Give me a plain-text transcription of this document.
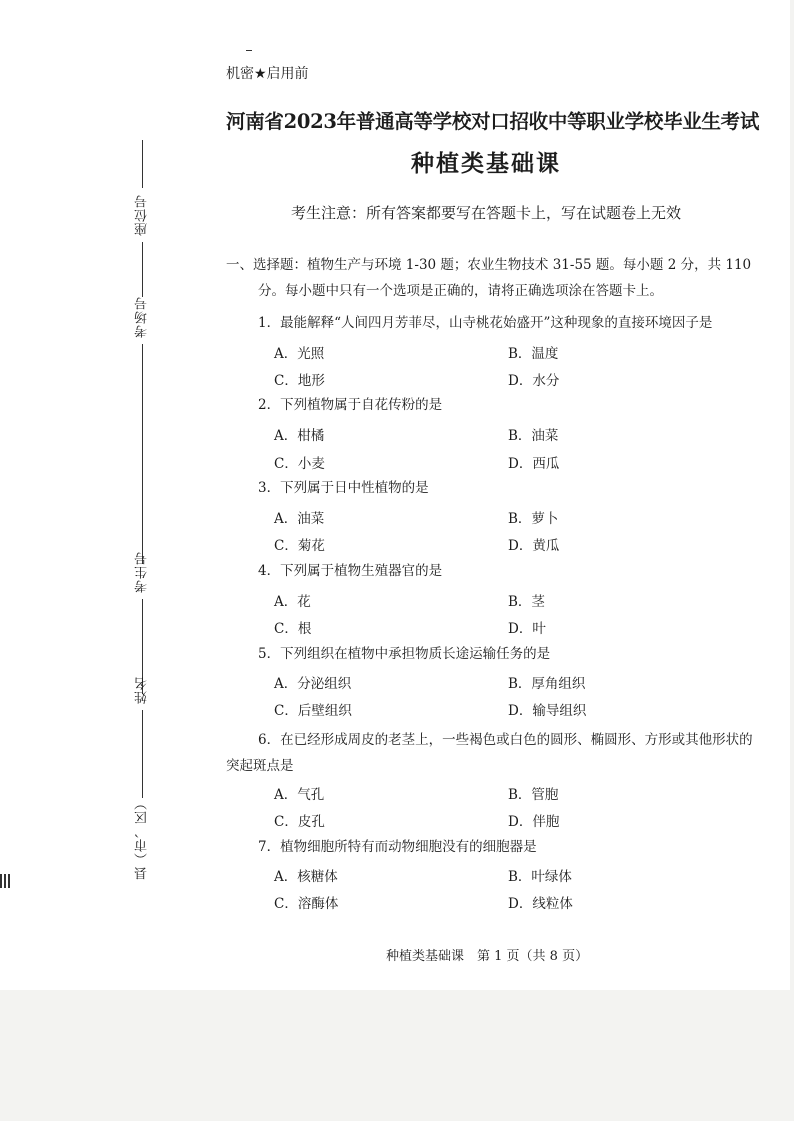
机密★启用前
河南省2023年普通高等学校对口招收中等职业学校毕业生考试
种植类基础课
考生注意：所有答案都要写在答题卡上，写在试题卷上无效
座位号
考场号
考生号
姓名
县（市、区）
一、选择题：植物生产与环境 1-30 题；农业生物技术 31-55 题。每小题 2 分，共 110
分。每小题中只有一个选项是正确的，请将正确选项涂在答题卡上。
1．最能解释“人间四月芳菲尽，山寺桃花始盛开”这种现象的直接环境因子是
A．光照	B．温度
C．地形	D．水分
2．下列植物属于自花传粉的是
A．柑橘	B．油菜
C．小麦	D．西瓜
3．下列属于日中性植物的是
A．油菜	B．萝卜
C．菊花	D．黄瓜
4．下列属于植物生殖器官的是
A．花	B．茎
C．根	D．叶
5．下列组织在植物中承担物质长途运输任务的是
A．分泌组织	B．厚角组织
C．后壁组织	D．输导组织
6．在已经形成周皮的老茎上，一些褐色或白色的圆形、椭圆形、方形或其他形状的突起斑点是
A．气孔	B．管胞
C．皮孔	D．伴胞
7．植物细胞所特有而动物细胞没有的细胞器是
A．核糖体	B．叶绿体
C．溶酶体	D．线粒体
种植类基础课　第 1 页（共 8 页）
